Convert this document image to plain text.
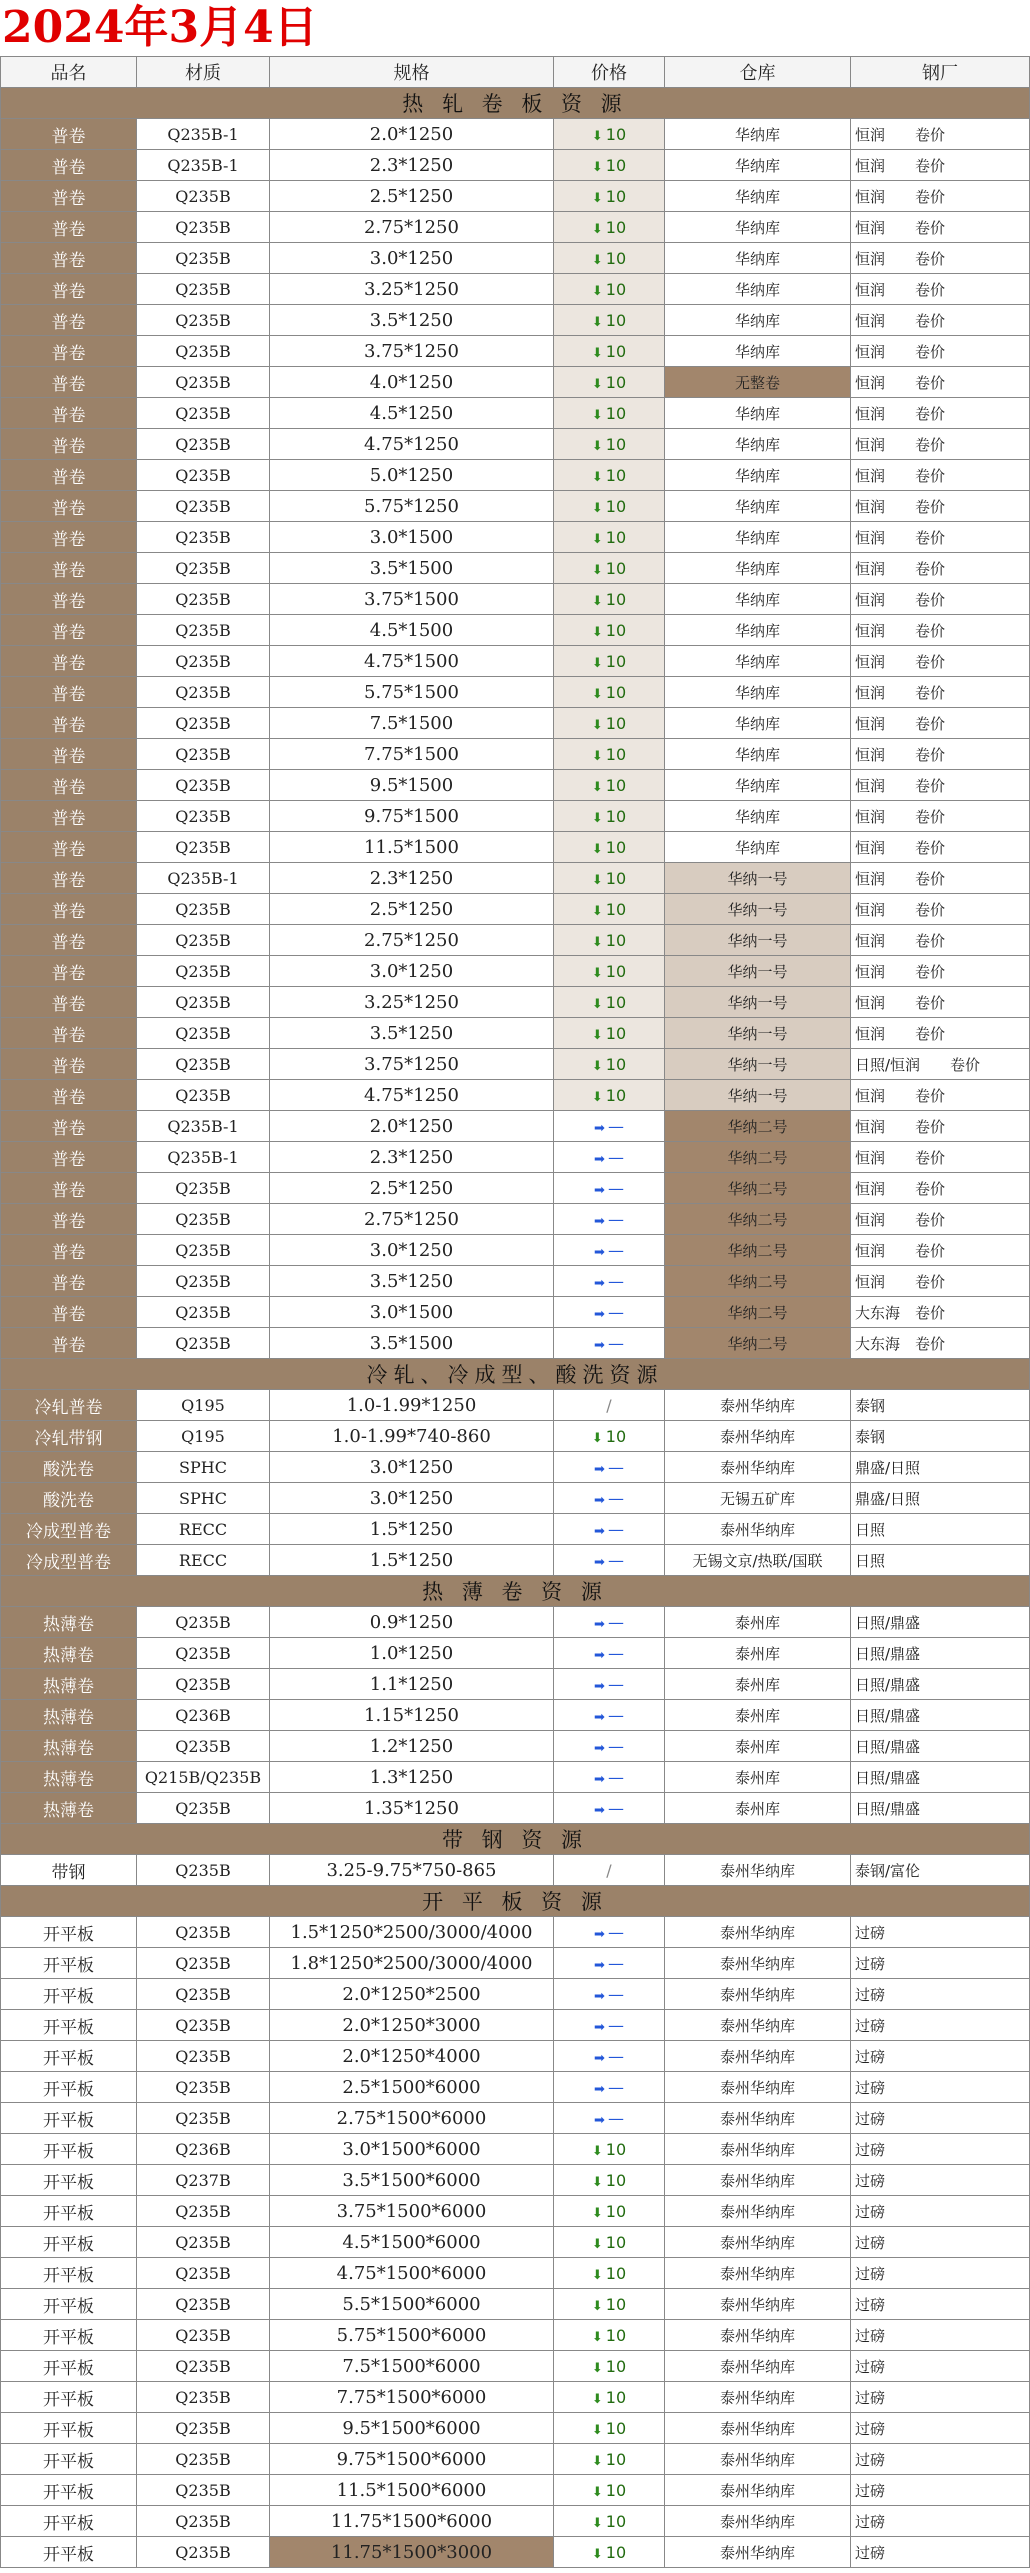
2024年3月4日
品名	材质	规格	价格	仓库	钢厂
热 轧 卷 板 资 源					
普卷	Q235B-1	2.0*1250	⬇ 10	华纳库	恒润　　卷价
普卷	Q235B-1	2.3*1250	⬇ 10	华纳库	恒润　　卷价
普卷	Q235B	2.5*1250	⬇ 10	华纳库	恒润　　卷价
普卷	Q235B	2.75*1250	⬇ 10	华纳库	恒润　　卷价
普卷	Q235B	3.0*1250	⬇ 10	华纳库	恒润　　卷价
普卷	Q235B	3.25*1250	⬇ 10	华纳库	恒润　　卷价
普卷	Q235B	3.5*1250	⬇ 10	华纳库	恒润　　卷价
普卷	Q235B	3.75*1250	⬇ 10	华纳库	恒润　　卷价
普卷	Q235B	4.0*1250	⬇ 10	无整卷	恒润　　卷价
普卷	Q235B	4.5*1250	⬇ 10	华纳库	恒润　　卷价
普卷	Q235B	4.75*1250	⬇ 10	华纳库	恒润　　卷价
普卷	Q235B	5.0*1250	⬇ 10	华纳库	恒润　　卷价
普卷	Q235B	5.75*1250	⬇ 10	华纳库	恒润　　卷价
普卷	Q235B	3.0*1500	⬇ 10	华纳库	恒润　　卷价
普卷	Q235B	3.5*1500	⬇ 10	华纳库	恒润　　卷价
普卷	Q235B	3.75*1500	⬇ 10	华纳库	恒润　　卷价
普卷	Q235B	4.5*1500	⬇ 10	华纳库	恒润　　卷价
普卷	Q235B	4.75*1500	⬇ 10	华纳库	恒润　　卷价
普卷	Q235B	5.75*1500	⬇ 10	华纳库	恒润　　卷价
普卷	Q235B	7.5*1500	⬇ 10	华纳库	恒润　　卷价
普卷	Q235B	7.75*1500	⬇ 10	华纳库	恒润　　卷价
普卷	Q235B	9.5*1500	⬇ 10	华纳库	恒润　　卷价
普卷	Q235B	9.75*1500	⬇ 10	华纳库	恒润　　卷价
普卷	Q235B	11.5*1500	⬇ 10	华纳库	恒润　　卷价
普卷	Q235B-1	2.3*1250	⬇ 10	华纳一号	恒润　　卷价
普卷	Q235B	2.5*1250	⬇ 10	华纳一号	恒润　　卷价
普卷	Q235B	2.75*1250	⬇ 10	华纳一号	恒润　　卷价
普卷	Q235B	3.0*1250	⬇ 10	华纳一号	恒润　　卷价
普卷	Q235B	3.25*1250	⬇ 10	华纳一号	恒润　　卷价
普卷	Q235B	3.5*1250	⬇ 10	华纳一号	恒润　　卷价
普卷	Q235B	3.75*1250	⬇ 10	华纳一号	日照/恒润　　卷价
普卷	Q235B	4.75*1250	⬇ 10	华纳一号	恒润　　卷价
普卷	Q235B-1	2.0*1250	➡ —	华纳二号	恒润　　卷价
普卷	Q235B-1	2.3*1250	➡ —	华纳二号	恒润　　卷价
普卷	Q235B	2.5*1250	➡ —	华纳二号	恒润　　卷价
普卷	Q235B	2.75*1250	➡ —	华纳二号	恒润　　卷价
普卷	Q235B	3.0*1250	➡ —	华纳二号	恒润　　卷价
普卷	Q235B	3.5*1250	➡ —	华纳二号	恒润　　卷价
普卷	Q235B	3.0*1500	➡ —	华纳二号	大东海　卷价
普卷	Q235B	3.5*1500	➡ —	华纳二号	大东海　卷价
冷轧、冷成型、酸洗资源					
冷轧普卷	Q195	1.0-1.99*1250	/	泰州华纳库	泰钢
冷轧带钢	Q195	1.0-1.99*740-860	⬇ 10	泰州华纳库	泰钢
酸洗卷	SPHC	3.0*1250	➡ —	泰州华纳库	鼎盛/日照
酸洗卷	SPHC	3.0*1250	➡ —	无锡五矿库	鼎盛/日照
冷成型普卷	RECC	1.5*1250	➡ —	泰州华纳库	日照
冷成型普卷	RECC	1.5*1250	➡ —	无锡文京/热联/国联	日照
热 薄 卷 资 源					
热薄卷	Q235B	0.9*1250	➡ —	泰州库	日照/鼎盛
热薄卷	Q235B	1.0*1250	➡ —	泰州库	日照/鼎盛
热薄卷	Q235B	1.1*1250	➡ —	泰州库	日照/鼎盛
热薄卷	Q236B	1.15*1250	➡ —	泰州库	日照/鼎盛
热薄卷	Q235B	1.2*1250	➡ —	泰州库	日照/鼎盛
热薄卷	Q215B/Q235B	1.3*1250	➡ —	泰州库	日照/鼎盛
热薄卷	Q235B	1.35*1250	➡ —	泰州库	日照/鼎盛
带 钢 资 源					
带钢	Q235B	3.25-9.75*750-865	/	泰州华纳库	泰钢/富伦
开 平 板 资 源					
开平板	Q235B	1.5*1250*2500/3000/4000	➡ —	泰州华纳库	过磅
开平板	Q235B	1.8*1250*2500/3000/4000	➡ —	泰州华纳库	过磅
开平板	Q235B	2.0*1250*2500	➡ —	泰州华纳库	过磅
开平板	Q235B	2.0*1250*3000	➡ —	泰州华纳库	过磅
开平板	Q235B	2.0*1250*4000	➡ —	泰州华纳库	过磅
开平板	Q235B	2.5*1500*6000	➡ —	泰州华纳库	过磅
开平板	Q235B	2.75*1500*6000	➡ —	泰州华纳库	过磅
开平板	Q236B	3.0*1500*6000	⬇ 10	泰州华纳库	过磅
开平板	Q237B	3.5*1500*6000	⬇ 10	泰州华纳库	过磅
开平板	Q235B	3.75*1500*6000	⬇ 10	泰州华纳库	过磅
开平板	Q235B	4.5*1500*6000	⬇ 10	泰州华纳库	过磅
开平板	Q235B	4.75*1500*6000	⬇ 10	泰州华纳库	过磅
开平板	Q235B	5.5*1500*6000	⬇ 10	泰州华纳库	过磅
开平板	Q235B	5.75*1500*6000	⬇ 10	泰州华纳库	过磅
开平板	Q235B	7.5*1500*6000	⬇ 10	泰州华纳库	过磅
开平板	Q235B	7.75*1500*6000	⬇ 10	泰州华纳库	过磅
开平板	Q235B	9.5*1500*6000	⬇ 10	泰州华纳库	过磅
开平板	Q235B	9.75*1500*6000	⬇ 10	泰州华纳库	过磅
开平板	Q235B	11.5*1500*6000	⬇ 10	泰州华纳库	过磅
开平板	Q235B	11.75*1500*6000	⬇ 10	泰州华纳库	过磅
开平板	Q235B	11.75*1500*3000	⬇ 10	泰州华纳库	过磅
